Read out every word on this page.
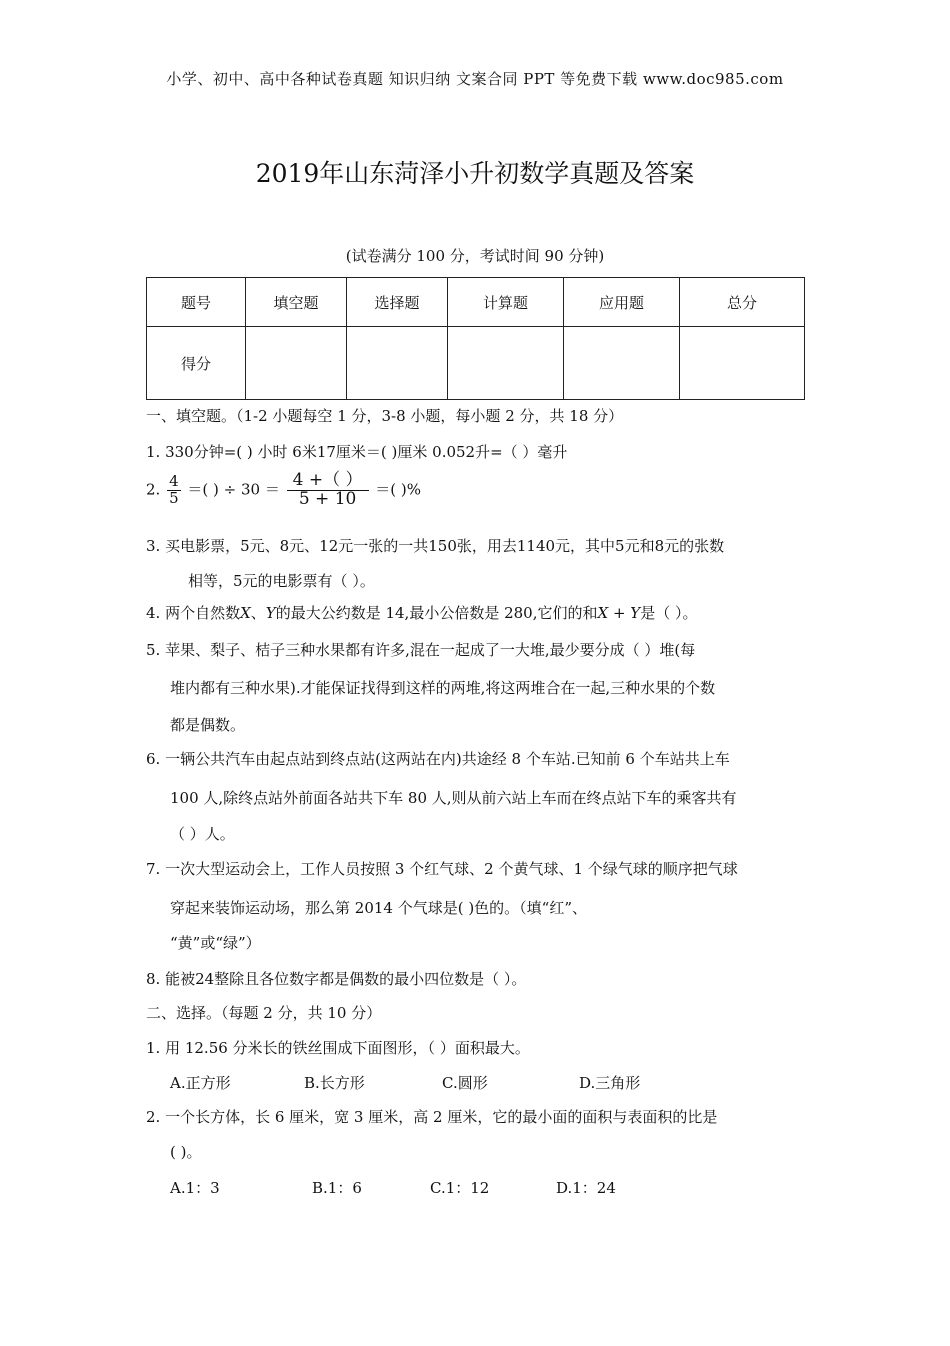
小学、初中、高中各种试卷真题 知识归纳 文案合同 PPT 等免费下载 www.doc985.com
2019年山东菏泽小升初数学真题及答案
(试卷满分 100 分，考试时间 90 分钟)
题号	填空题	选择题	计算题	应用题	总分
得分					
一、填空题。（1-2 小题每空 1 分，3-8 小题，每小题 2 分，共 18 分）
1. 330分钟=( ) 小时 6米17厘米＝( )厘米 0.052升=（ ）毫升
2. $\frac{4}{5}$ ＝( ) ÷ $30 = \frac{4 +( )}{5 + 10}$ ＝( )%
3. 买电影票，5元、8元、12元一张的一共150张，用去1140元，其中5元和8元的张数
相等，5元的电影票有（ ）。
4. 两个自然数X、Y的最大公约数是 14,最小公倍数是 280,它们的和X + Y是（ ）。
5. 苹果、梨子、桔子三种水果都有许多,混在一起成了一大堆,最少要分成（ ）堆(每
堆内都有三种水果).才能保证找得到这样的两堆,将这两堆合在一起,三种水果的个数
都是偶数。
6. 一辆公共汽车由起点站到终点站(这两站在内)共途经 8 个车站.已知前 6 个车站共上车
100 人,除终点站外前面各站共下车 80 人,则从前六站上车而在终点站下车的乘客共有
（ ）人。
7. 一次大型运动会上，工作人员按照 3 个红气球、2 个黄气球、1 个绿气球的顺序把气球
穿起来装饰运动场，那么第 2014 个气球是( )色的。（填“红”、
“黄”或“绿”）
8. 能被24整除且各位数字都是偶数的最小四位数是（ ）。
二、选择。（每题 2 分，共 10 分）
1. 用 12.56 分米长的铁丝围成下面图形，（ ）面积最大。
A.正方形	B.长方形	C.圆形	D.三角形
2. 一个长方体，长 6 厘米，宽 3 厘米，高 2 厘米，它的最小面的面积与表面积的比是
( )。
A.1：3	B.1：6	C.1：12	D.1：24
